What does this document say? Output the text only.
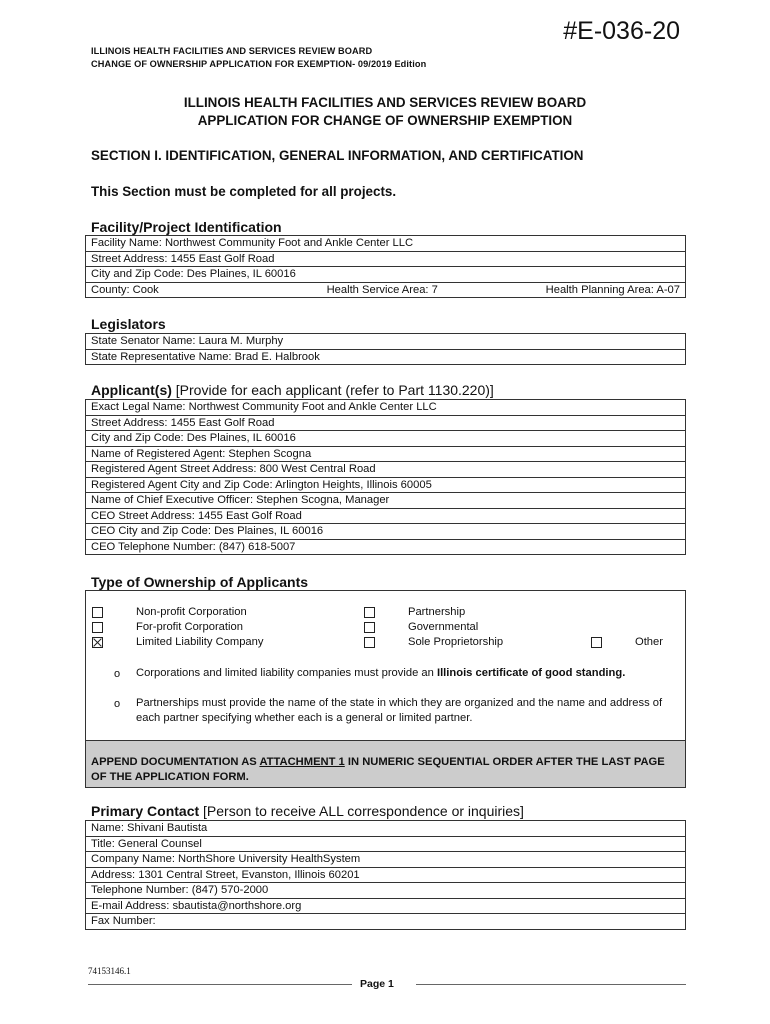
#E-036-20
ILLINOIS HEALTH FACILITIES AND SERVICES REVIEW BOARD
CHANGE OF OWNERSHIP APPLICATION FOR EXEMPTION- 09/2019 Edition
ILLINOIS HEALTH FACILITIES AND SERVICES REVIEW BOARD
APPLICATION FOR CHANGE OF OWNERSHIP EXEMPTION
SECTION I. IDENTIFICATION, GENERAL INFORMATION, AND CERTIFICATION
This Section must be completed for all projects.
Facility/Project Identification
Facility Name: Northwest Community Foot and Ankle Center LLC
Street Address: 1455 East Golf Road
City and Zip Code: Des Plaines, IL 60016

County: Cook	Health Service Area: 7	Health Planning Area: A-07
Legislators
State Senator Name: Laura M. Murphy
State Representative Name: Brad E. Halbrook
Applicant(s) [Provide for each applicant (refer to Part 1130.220)]
Exact Legal Name: Northwest Community Foot and Ankle Center LLC
Street Address: 1455 East Golf Road
City and Zip Code: Des Plaines, IL 60016
Name of Registered Agent: Stephen Scogna
Registered Agent Street Address: 800 West Central Road
Registered Agent City and Zip Code: Arlington Heights, Illinois 60005
Name of Chief Executive Officer: Stephen Scogna, Manager
CEO Street Address: 1455 East Golf Road
CEO City and Zip Code: Des Plaines, IL 60016
CEO Telephone Number: (847) 618-5007
Type of Ownership of Applicants
Non-profit Corporation
For-profit Corporation
Limited Liability Company
Partnership
Governmental
Sole Proprietorship	Other
o Corporations and limited liability companies must provide an Illinois certificate of good standing.
o Partnerships must provide the name of the state in which they are organized and the name and address of each partner specifying whether each is a general or limited partner.
APPEND DOCUMENTATION AS ATTACHMENT 1 IN NUMERIC SEQUENTIAL ORDER AFTER THE LAST PAGE OF THE APPLICATION FORM.
Primary Contact [Person to receive ALL correspondence or inquiries]
Name: Shivani Bautista
Title: General Counsel
Company Name: NorthShore University HealthSystem
Address: 1301 Central Street, Evanston, Illinois 60201
Telephone Number: (847) 570-2000
E-mail Address: sbautista@northshore.org
Fax Number:
74153146.1
Page 1
